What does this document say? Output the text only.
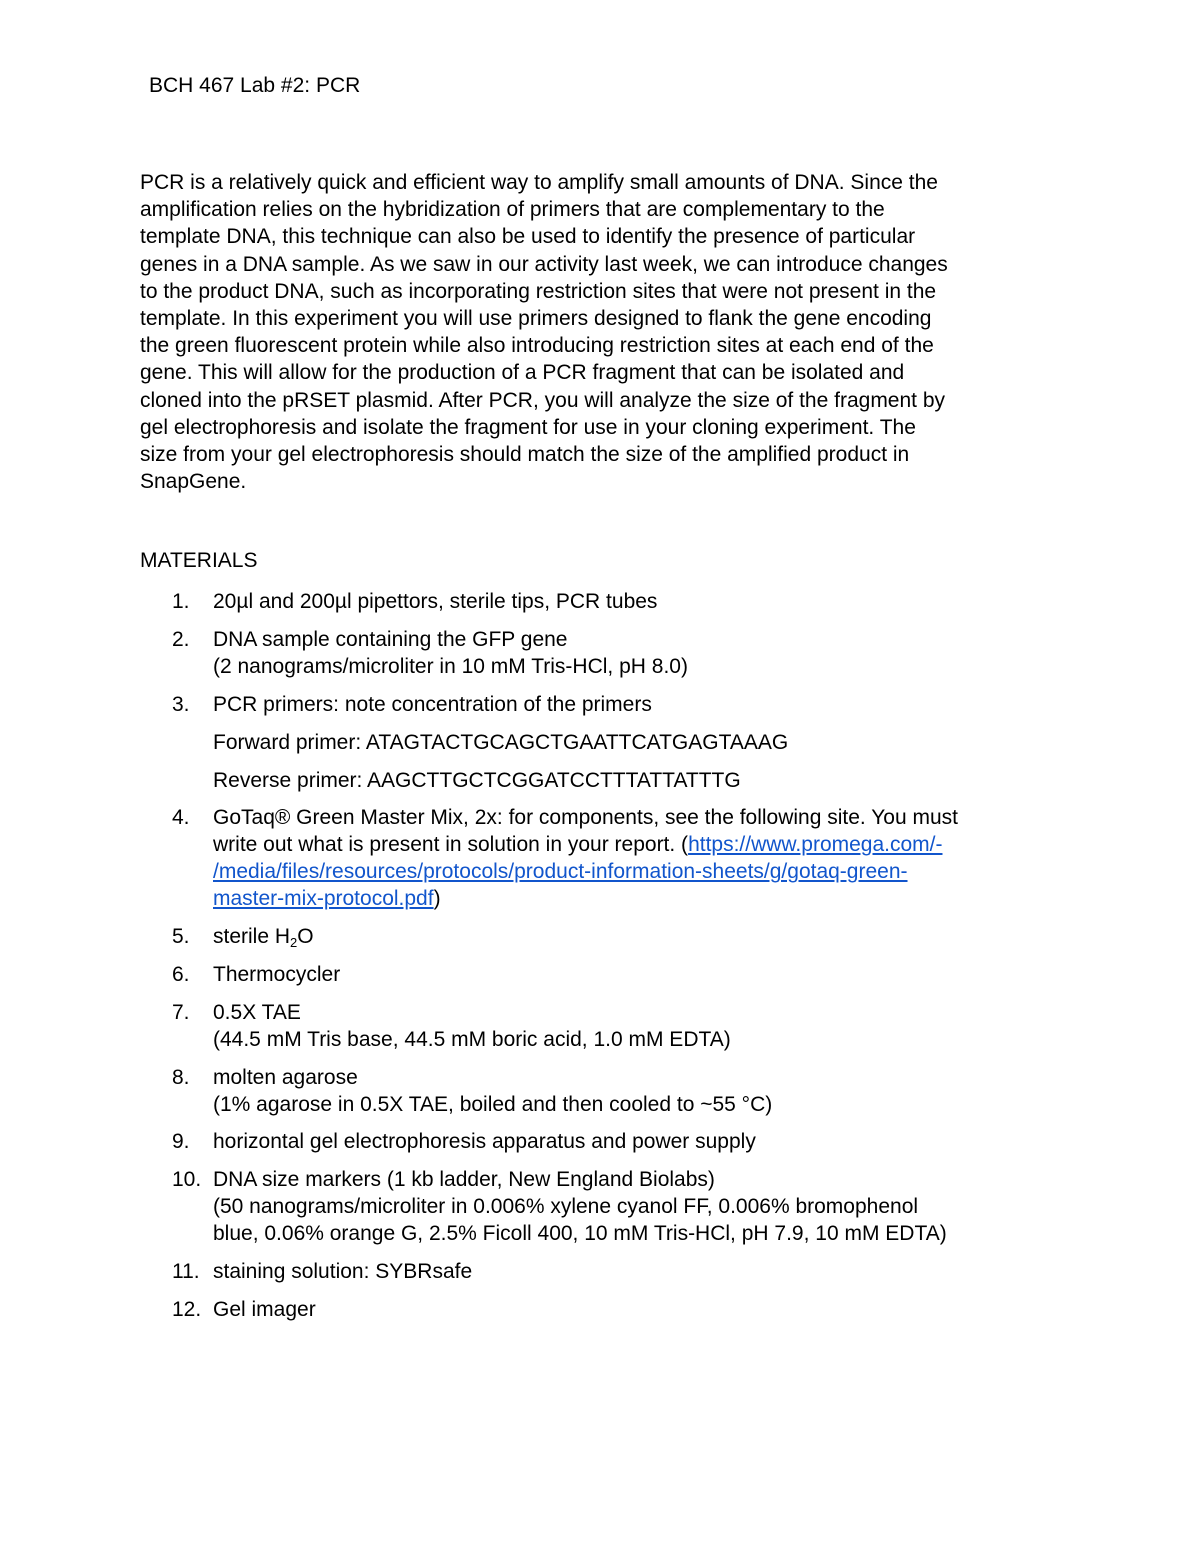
BCH 467 Lab #2: PCR

PCR is a relatively quick and efficient way to amplify small amounts of DNA. Since the
amplification relies on the hybridization of primers that are complementary to the
template DNA, this technique can also be used to identify the presence of particular
genes in a DNA sample. As we saw in our activity last week, we can introduce changes
to the product DNA, such as incorporating restriction sites that were not present in the
template. In this experiment you will use primers designed to flank the gene encoding
the green fluorescent protein while also introducing restriction sites at each end of the
gene. This will allow for the production of a PCR fragment that can be isolated and
cloned into the pRSET plasmid. After PCR, you will analyze the size of the fragment by
gel electrophoresis and isolate the fragment for use in your cloning experiment. The
size from your gel electrophoresis should match the size of the amplified product in
SnapGene.

MATERIALS
1. 20µl and 200µl pipettors, sterile tips, PCR tubes
2. DNA sample containing the GFP gene
(2 nanograms/microliter in 10 mM Tris-HCl, pH 8.0)
3. PCR primers: note concentration of the primers
Forward primer: ATAGTACTGCAGCTGAATTCATGAGTAAAG
Reverse primer: AAGCTTGCTCGGATCCTTTATTATTTG
4. GoTaq® Green Master Mix, 2x: for components, see the following site. You must
write out what is present in solution in your report. (https://www.promega.com/-
/media/files/resources/protocols/product-information-sheets/g/gotaq-green-
master-mix-protocol.pdf)
5. sterile $H_2O$
6. Thermocycler
7. 0.5X TAE
(44.5 mM Tris base, 44.5 mM boric acid, 1.0 mM EDTA)
8. molten agarose
(1% agarose in 0.5X TAE, boiled and then cooled to ~55 °C)
9. horizontal gel electrophoresis apparatus and power supply
10. DNA size markers (1 kb ladder, New England Biolabs)
(50 nanograms/microliter in 0.006% xylene cyanol FF, 0.006% bromophenol
blue, 0.06% orange G, 2.5% Ficoll 400, 10 mM Tris-HCl, pH 7.9, 10 mM EDTA)
11. staining solution: SYBRsafe
12. Gel imager
